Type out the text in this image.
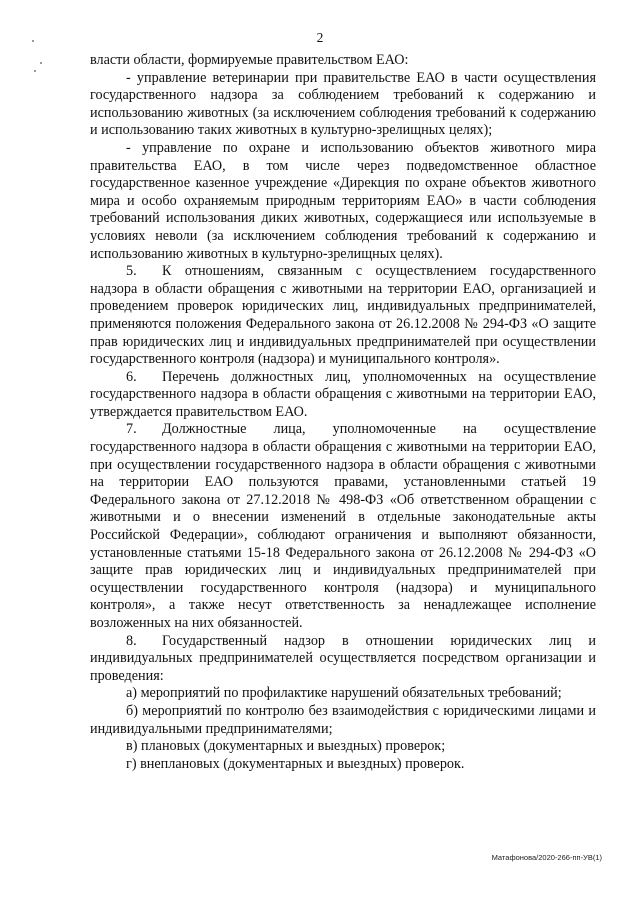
2

власти области, формируемые правительством ЕАО:

- управление ветеринарии при правительстве ЕАО в части осуществления государственного надзора за соблюдением требований к содержанию и использованию животных (за исключением соблюдения требований к содержанию и использованию таких животных в культурно-зрелищных целях);

- управление по охране и использованию объектов животного мира правительства ЕАО, в том числе через подведомственное областное государственное казенное учреждение «Дирекция по охране объектов животного мира и особо охраняемым природным территориям ЕАО» в части соблюдения требований использования диких животных, содержащиеся или используемые в условиях неволи (за исключением соблюдения требований к содержанию и использованию животных в культурно-зрелищных целях).

5. К отношениям, связанным с осуществлением государственного надзора в области обращения с животными на территории ЕАО, организацией и проведением проверок юридических лиц, индивидуальных предпринимателей, применяются положения Федерального закона от 26.12.2008 № 294-ФЗ «О защите прав юридических лиц и индивидуальных предпринимателей при осуществлении государственного контроля (надзора) и муниципального контроля».

6. Перечень должностных лиц, уполномоченных на осуществление государственного надзора в области обращения с животными на территории ЕАО, утверждается правительством ЕАО.

7. Должностные лица, уполномоченные на осуществление государственного надзора в области обращения с животными на территории ЕАО, при осуществлении государственного надзора в области обращения с животными на территории ЕАО пользуются правами, установленными статьей 19 Федерального закона от 27.12.2018 № 498-ФЗ «Об ответственном обращении с животными и о внесении изменений в отдельные законодательные акты Российской Федерации», соблюдают ограничения и выполняют обязанности, установленные статьями 15-18 Федерального закона от 26.12.2008 № 294-ФЗ «О защите прав юридических лиц и индивидуальных предпринимателей при осуществлении государственного контроля (надзора) и муниципального контроля», а также несут ответственность за ненадлежащее исполнение возложенных на них обязанностей.

8. Государственный надзор в отношении юридических лиц и индивидуальных предпринимателей осуществляется посредством организации и проведения:

а) мероприятий по профилактике нарушений обязательных требований;

б) мероприятий по контролю без взаимодействия с юридическими лицами и индивидуальными предпринимателями;

в) плановых (документарных и выездных) проверок;

г) внеплановых (документарных и выездных) проверок.

Матафонова/2020-266-пп-УВ(1)
